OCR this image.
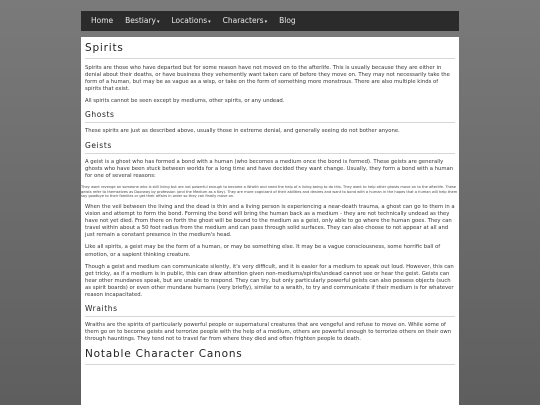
Home	Bestiary▾	Locations▾	Characters▾	Blog
Spirits

Spirits are those who have departed but for some reason have not moved on to the afterlife. This is usually because they are either in denial about their deaths, or have business they vehemently want taken care of before they move on. They may not necessarily take the form of a human, but may be as vague as a wisp, or take on the form of something more monstrous. There are also multiple kinds of spirits that exist.

All spirits cannot be seen except by mediums, other spirits, or any undead.

Ghosts

These spirits are just as described above, usually those in extreme denial, and generally seeing do not bother anyone.

Geists

A geist is a ghost who has formed a bond with a human (who becomes a medium once the bond is formed). These geists are generally ghosts who have been stuck between worlds for a long time and have decided they want change. Usually, they form a bond with a human for one of several reasons:

They want revenge on someone who is still living but are not powerful enough to become a Wraith and need the help of a living being to do this. They want to help other ghosts move on to the afterlife. These geists refer to themselves as Doorway by profession (and the Medium as a Key). They are more cognizant of their abilities and desires and want to bond with a human in the hopes that a human will help them say goodbye to their families or get their affairs in order so they can finally move on.

When the veil between the living and the dead is thin and a living person is experiencing a near-death trauma, a ghost can go to them in a vision and attempt to form the bond. Forming the bond will bring the human back as a medium - they are not technically undead as they have not yet died. From there on forth the ghost will be bound to the medium as a geist, only able to go where the human goes. They can travel within about a 50 foot radius from the medium and can pass through solid surfaces. They can also choose to not appear at all and just remain a constant presence in the medium's head.

Like all spirits, a geist may be the form of a human, or may be something else. It may be a vague consciousness, some horrific ball of emotion, or a sapient thinking creature.

Though a geist and medium can communicate silently, it's very difficult, and it is easier for a medium to speak out loud. However, this can get tricky, as if a medium is in public, this can draw attention given non-mediums/spirits/undead cannot see or hear the geist. Geists can hear other mundanes speak, but are unable to respond. They can try, but only particularly powerful geists can also possess objects (such as spirit boards) or even other mundane humans (very briefly), similar to a wraith, to try and communicate if their medium is for whatever reason incapacitated.

Wraiths

Wraiths are the spirits of particularly powerful people or supernatural creatures that are vengeful and refuse to move on. While some of them go on to become geists and terrorize people with the help of a medium, others are powerful enough to terrorize others on their own through hauntings. They tend not to travel far from where they died and often frighten people to death.

Notable Character Canons
